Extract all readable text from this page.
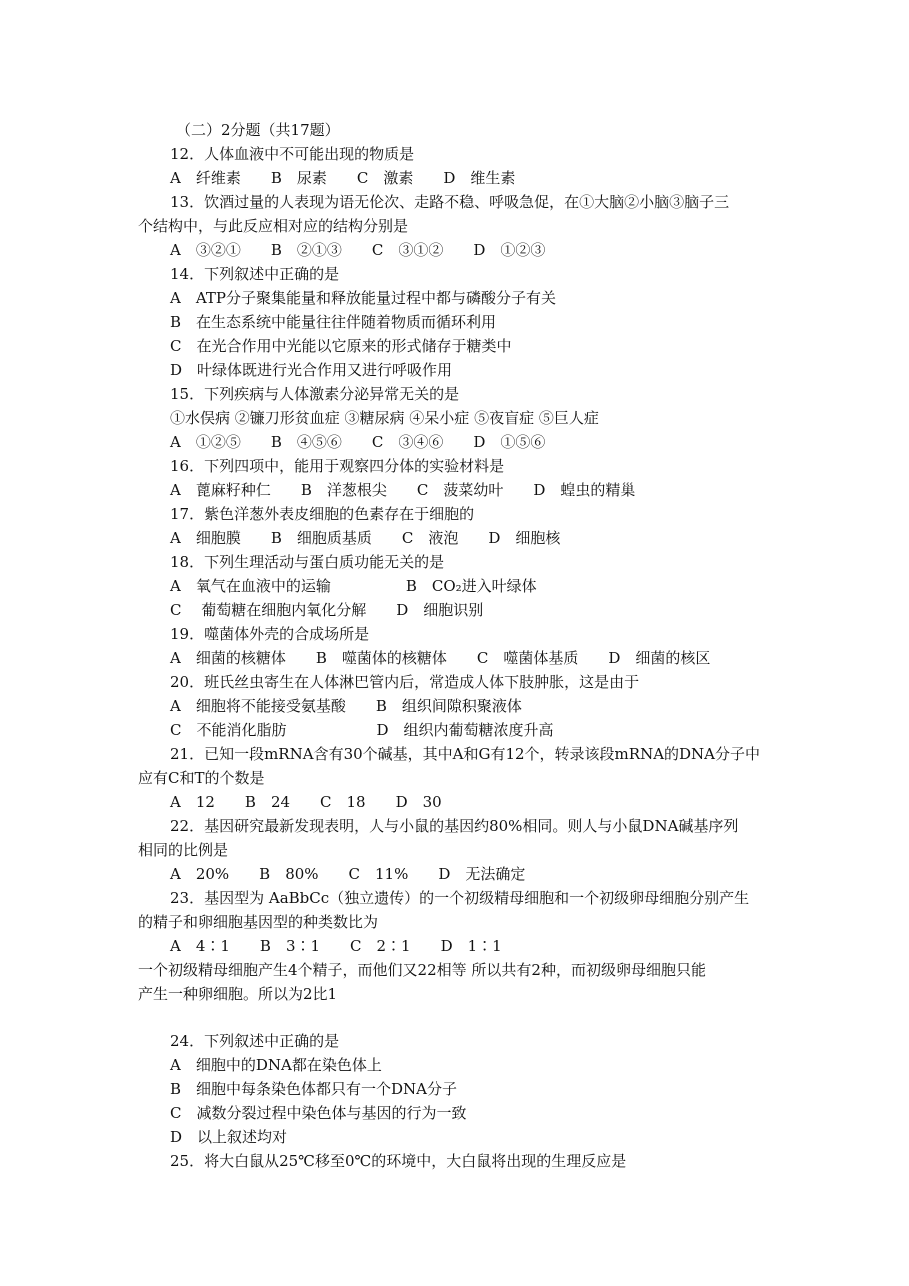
（二）2分题（共17题）

12．人体血液中不可能出现的物质是

A　纤维素　　B　尿素　　C　激素　　D　维生素

13．饮酒过量的人表现为语无伦次、走路不稳、呼吸急促，在①大脑②小脑③脑子三

个结构中，与此反应相对应的结构分别是

A　③②①　　B　②①③　　C　③①②　　D　①②③

14．下列叙述中正确的是

A　ATP分子聚集能量和释放能量过程中都与磷酸分子有关

B　在生态系统中能量往往伴随着物质而循环利用

C　在光合作用中光能以它原来的形式储存于糖类中

D　叶绿体既进行光合作用又进行呼吸作用

15．下列疾病与人体激素分泌异常无关的是

①水俣病 ②镰刀形贫血症 ③糖尿病 ④呆小症 ⑤夜盲症 ⑤巨人症

A　①②⑤　　B　④⑤⑥　　C　③④⑥　　D　①⑤⑥

16．下列四项中，能用于观察四分体的实验材料是

A　蓖麻籽种仁　　B　洋葱根尖　　C　菠菜幼叶　　D　蝗虫的精巢

17．紫色洋葱外表皮细胞的色素存在于细胞的

A　细胞膜　　B　细胞质基质　　C　液泡　　D　细胞核

18．下列生理活动与蛋白质功能无关的是

A　氧气在血液中的运输　　　　　B　CO₂进入叶绿体

C　 葡萄糖在细胞内氧化分解　　D　细胞识别

19．噬菌体外壳的合成场所是

A　细菌的核糖体　　B　噬菌体的核糖体　　C　噬菌体基质　　D　细菌的核区

20．班氏丝虫寄生在人体淋巴管内后，常造成人体下肢肿胀，这是由于

A　细胞将不能接受氨基酸　　B　组织间隙积聚液体

C　不能消化脂肪　　　　　　D　组织内葡萄糖浓度升高

21．已知一段mRNA含有30个碱基，其中A和G有12个，转录该段mRNA的DNA分子中

应有C和T的个数是

A　12　　B　24　　C　18　　D　30

22．基因研究最新发现表明，人与小鼠的基因约80%相同。则人与小鼠DNA碱基序列

相同的比例是

A　20%　　B　80%　　C　11%　　D　无法确定

23．基因型为 AaBbCc（独立遗传）的一个初级精母细胞和一个初级卵母细胞分别产生

的精子和卵细胞基因型的种类数比为

A　4∶1　　B　3∶1　　C　2∶1　　D　1∶1

一个初级精母细胞产生4个精子，而他们又22相等 所以共有2种，而初级卵母细胞只能

产生一种卵细胞。所以为2比1

24．下列叙述中正确的是

A　细胞中的DNA都在染色体上

B　细胞中每条染色体都只有一个DNA分子

C　减数分裂过程中染色体与基因的行为一致

D　以上叙述均对

25．将大白鼠从25℃移至0℃的环境中，大白鼠将出现的生理反应是
